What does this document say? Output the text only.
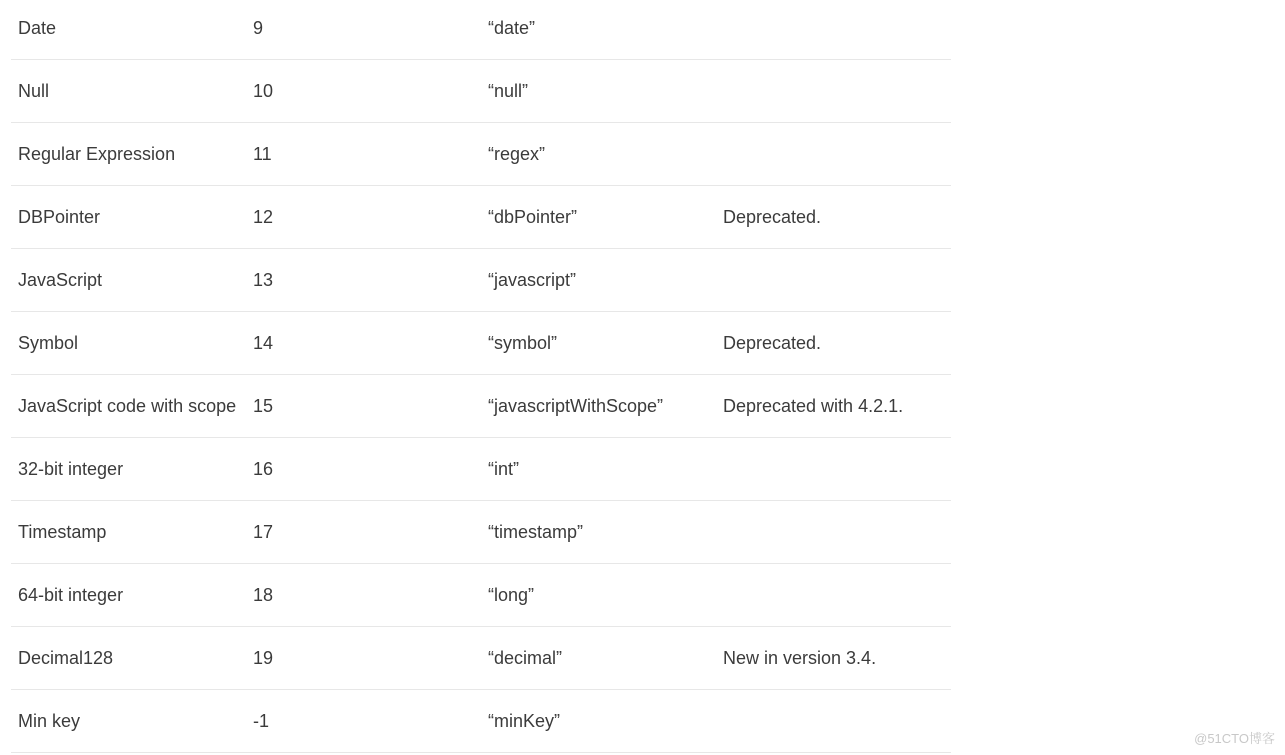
Date	9	“date”
Null	10	“null”
Regular Expression	11	“regex”
DBPointer	12	“dbPointer”	Deprecated.
JavaScript	13	“javascript”
Symbol	14	“symbol”	Deprecated.
JavaScript code with scope 15	“javascriptWithScope”	Deprecated with 4.2.1.
32-bit integer	16	“int”
Timestamp	17	“timestamp”
64-bit integer	18	“long”
Decimal128	19	“decimal”	New in version 3.4.
Min key	-1	“minKey”
@51CTO博客
